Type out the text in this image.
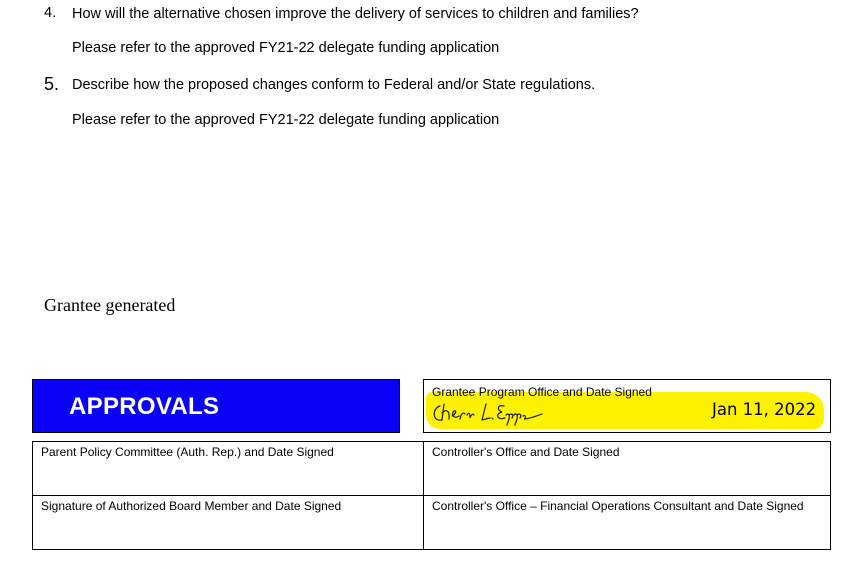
4. How will the alternative chosen improve the delivery of services to children and families?
Please refer to the approved FY21-22 delegate funding application
5. Describe how the proposed changes conform to Federal and/or State regulations.
Please refer to the approved FY21-22 delegate funding application
Grantee generated
APPROVALS
Grantee Program Office and Date Signed
Jan 11, 2022
Parent Policy Committee (Auth. Rep.) and Date Signed	Controller's Office and Date Signed
Signature of Authorized Board Member and Date Signed	Controller's Office – Financial Operations Consultant and Date Signed
